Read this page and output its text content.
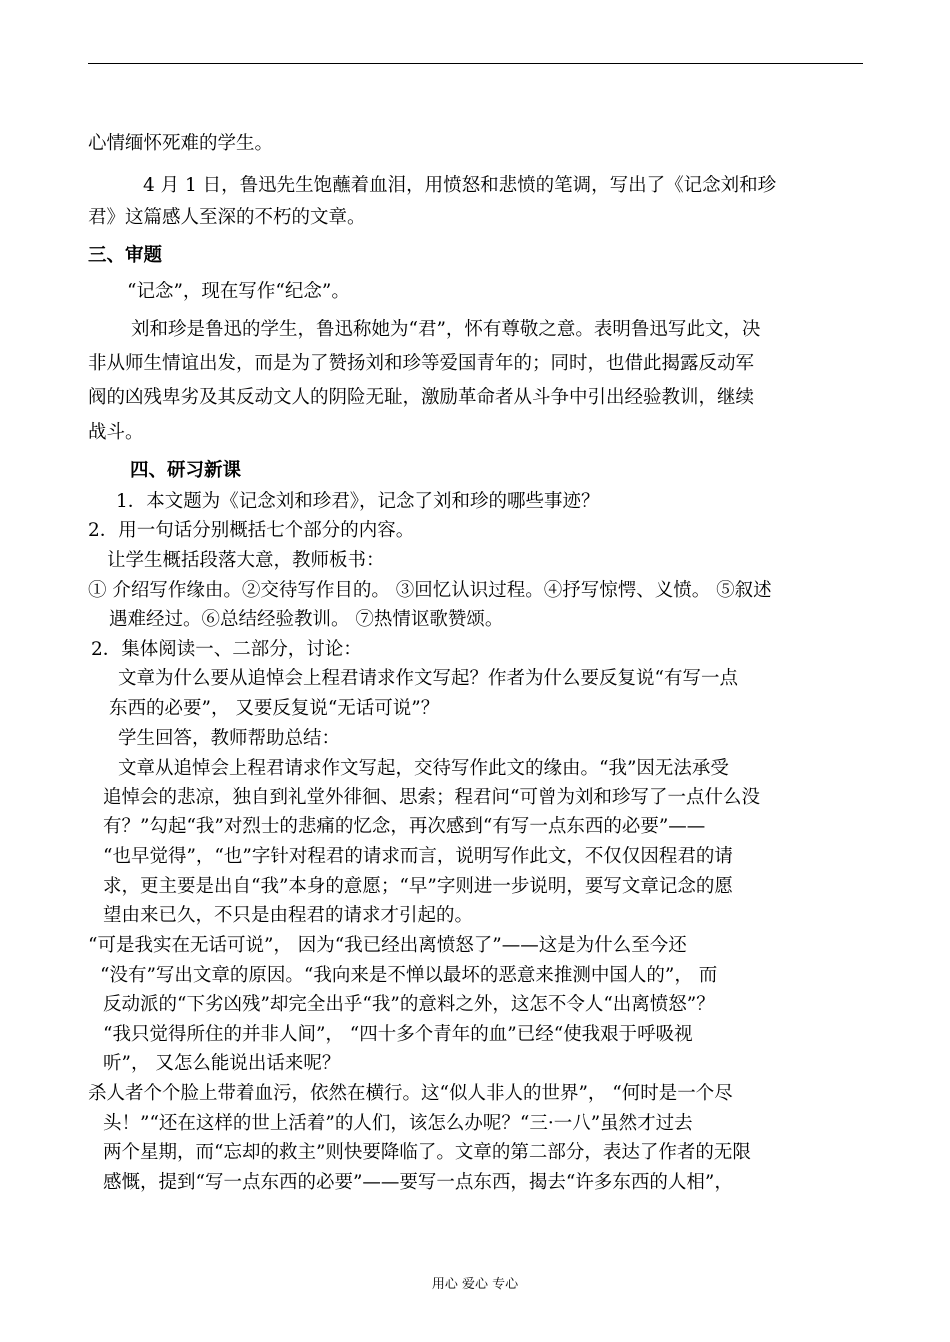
心情缅怀死难的学生。
4 月 1 日，鲁迅先生饱蘸着血泪，用愤怒和悲愤的笔调，写出了《记念刘和珍
君》这篇感人至深的不朽的文章。
三、审题
“记念”，现在写作“纪念”。
刘和珍是鲁迅的学生，鲁迅称她为“君”，怀有尊敬之意。表明鲁迅写此文，决
非从师生情谊出发，而是为了赞扬刘和珍等爱国青年的；同时，也借此揭露反动军
阀的凶残卑劣及其反动文人的阴险无耻，激励革命者从斗争中引出经验教训，继续
战斗。
四、研习新课
1．本文题为《记念刘和珍君》，记念了刘和珍的哪些事迹？
2．用一句话分别概括七个部分的内容。
让学生概括段落大意，教师板书：
① 介绍写作缘由。②交待写作目的。 ③回忆认识过程。④抒写惊愕、义愤。 ⑤叙述
遇难经过。⑥总结经验教训。 ⑦热情讴歌赞颂。
2．集体阅读一、二部分，讨论：
文章为什么要从追悼会上程君请求作文写起？作者为什么要反复说“有写一点
东西的必要”， 又要反复说“无话可说”？
学生回答，教师帮助总结：
文章从追悼会上程君请求作文写起，交待写作此文的缘由。“我”因无法承受
追悼会的悲凉，独自到礼堂外徘徊、思索；程君问“可曾为刘和珍写了一点什么没
有？”勾起“我”对烈士的悲痛的忆念，再次感到“有写一点东西的必要”——
“也早觉得”，“也”字针对程君的请求而言，说明写作此文，不仅仅因程君的请
求，更主要是出自“我”本身的意愿；“早”字则进一步说明，要写文章记念的愿
望由来已久，不只是由程君的请求才引起的。
“可是我实在无话可说”， 因为“我已经出离愤怒了”——这是为什么至今还
“没有”写出文章的原因。“我向来是不惮以最坏的恶意来推测中国人的”， 而
反动派的“下劣凶残”却完全出乎“我”的意料之外，这怎不令人“出离愤怒”？
“我只觉得所住的并非人间”， “四十多个青年的血”已经“使我艰于呼吸视
听”， 又怎么能说出话来呢？
杀人者个个脸上带着血污，依然在横行。这“似人非人的世界”， “何时是一个尽
头！”“还在这样的世上活着”的人们，该怎么办呢？“三·一八”虽然才过去
两个星期，而“忘却的救主”则快要降临了。文章的第二部分，表达了作者的无限
感慨，提到“写一点东西的必要”——要写一点东西，揭去“许多东西的人相”，
用心 爱心 专心
